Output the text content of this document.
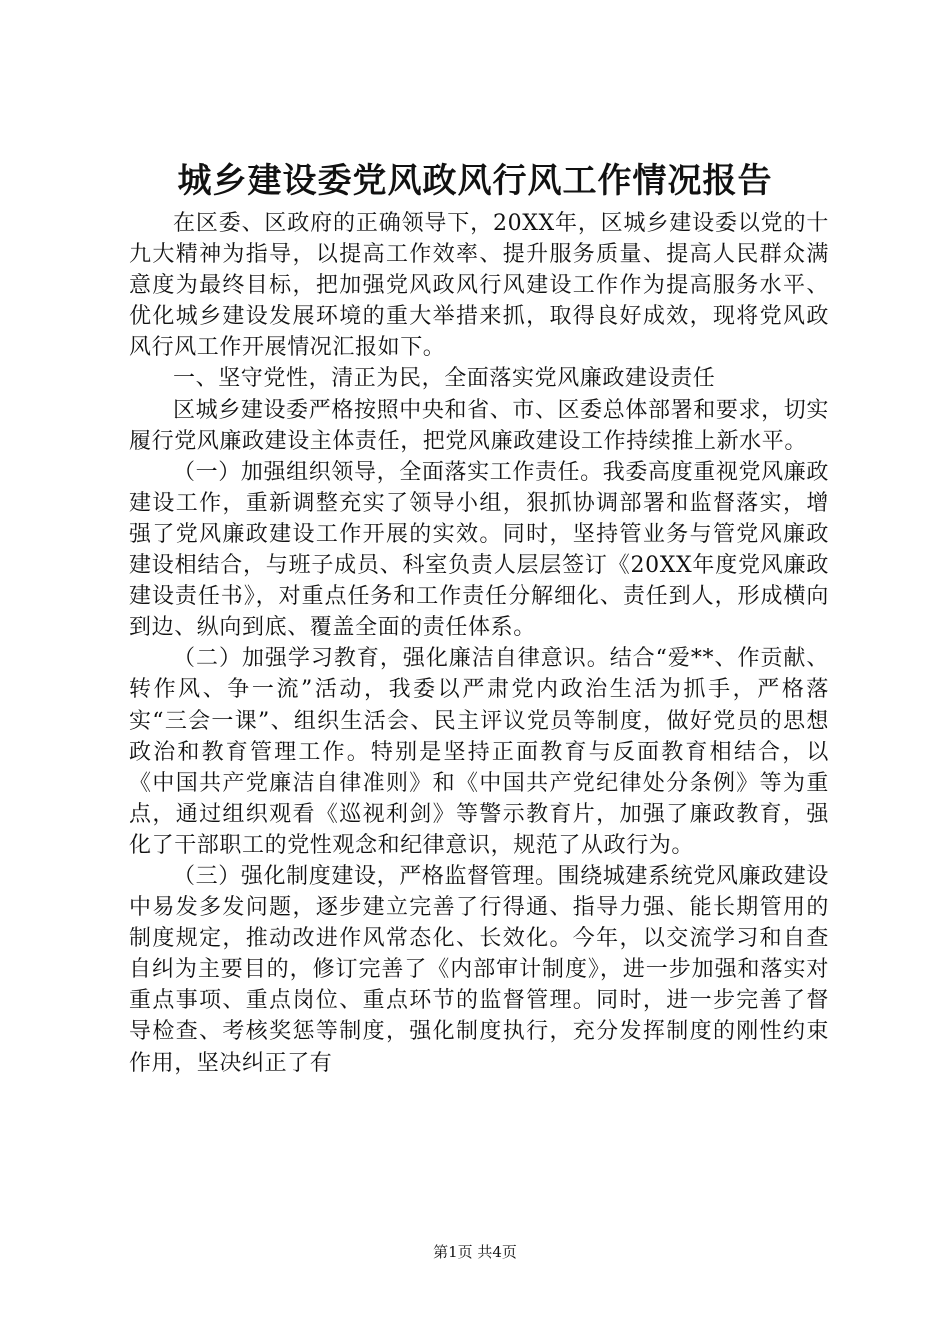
城乡建设委党风政风行风工作情况报告

在区委、区政府的正确领导下，20XX年，区城乡建设委以党的十九大精神为指导，以提高工作效率、提升服务质量、提高人民群众满意度为最终目标，把加强党风政风行风建设工作作为提高服务水平、优化城乡建设发展环境的重大举措来抓，取得良好成效，现将党风政风行风工作开展情况汇报如下。

一、坚守党性，清正为民，全面落实党风廉政建设责任

区城乡建设委严格按照中央和省、市、区委总体部署和要求，切实履行党风廉政建设主体责任，把党风廉政建设工作持续推上新水平。

（一）加强组织领导，全面落实工作责任。我委高度重视党风廉政建设工作，重新调整充实了领导小组，狠抓协调部署和监督落实，增强了党风廉政建设工作开展的实效。同时，坚持管业务与管党风廉政建设相结合，与班子成员、科室负责人层层签订《20XX年度党风廉政建设责任书》，对重点任务和工作责任分解细化、责任到人，形成横向到边、纵向到底、覆盖全面的责任体系。

（二）加强学习教育，强化廉洁自律意识。结合“爱**、作贡献、转作风、争一流”活动，我委以严肃党内政治生活为抓手，严格落实“三会一课”、组织生活会、民主评议党员等制度，做好党员的思想政治和教育管理工作。特别是坚持正面教育与反面教育相结合，以《中国共产党廉洁自律准则》和《中国共产党纪律处分条例》等为重点，通过组织观看《巡视利剑》等警示教育片，加强了廉政教育，强化了干部职工的党性观念和纪律意识，规范了从政行为。

（三）强化制度建设，严格监督管理。围绕城建系统党风廉政建设中易发多发问题，逐步建立完善了行得通、指导力强、能长期管用的制度规定，推动改进作风常态化、长效化。今年，以交流学习和自查自纠为主要目的，修订完善了《内部审计制度》，进一步加强和落实对重点事项、重点岗位、重点环节的监督管理。同时，进一步完善了督导检查、考核奖惩等制度，强化制度执行，充分发挥制度的刚性约束作用，坚决纠正了有

第1页 共4页
